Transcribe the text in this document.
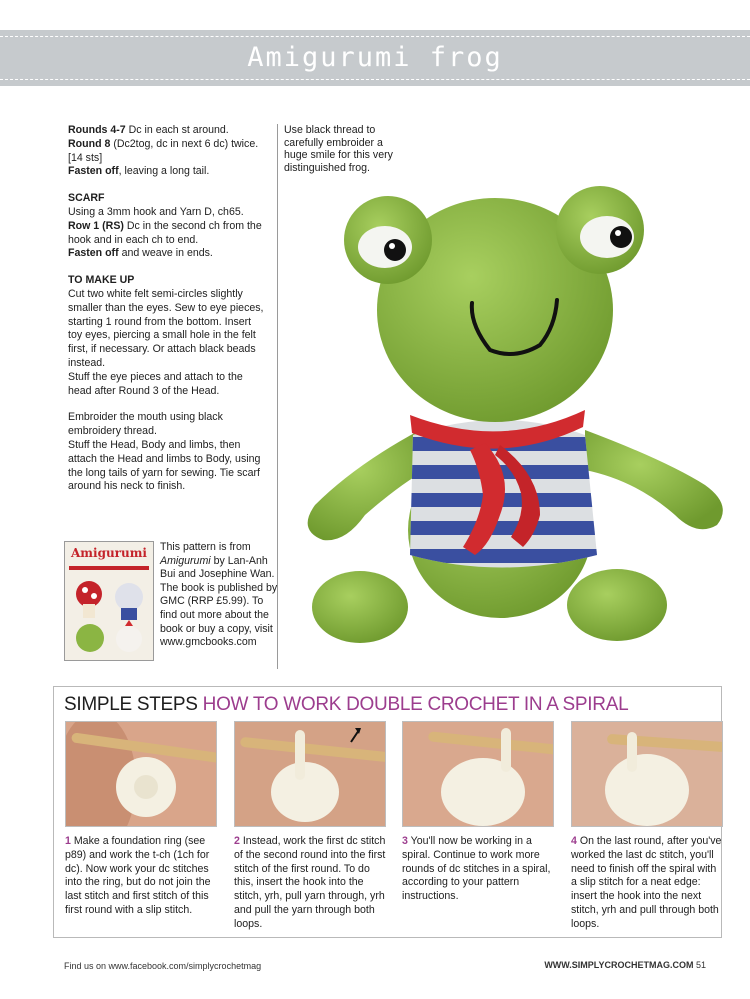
Amigurumi frog

Rounds 4-7 Dc in each st around.
Round 8 (Dc2tog, dc in next 6 dc) twice. [14 sts]
Fasten off, leaving a long tail.

SCARF
Using a 3mm hook and Yarn D, ch65.
Row 1 (RS) Dc in the second ch from the hook and in each ch to end.
Fasten off and weave in ends.

TO MAKE UP
Cut two white felt semi-circles slightly smaller than the eyes. Sew to eye pieces, starting 1 round from the bottom. Insert toy eyes, piercing a small hole in the felt first, if necessary. Or attach black beads instead.
Stuff the eye pieces and attach to the head after Round 3 of the Head.

Embroider the mouth using black embroidery thread.
Stuff the Head, Body and limbs, then attach the Head and limbs to Body, using the long tails of yarn for sewing. Tie scarf around his neck to finish.

Use black thread to carefully embroider a huge smile for this very distinguished frog.
Amigurumi	This pattern is from Amigurumi by Lan-Anh Bui and Josephine Wan. The book is published by GMC (RRP £5.99). To find out more about the book or buy a copy, visit www.gmcbooks.com
SIMPLE STEPS HOW TO WORK DOUBLE CROCHET IN A SPIRAL
1 Make a foundation ring (see p89) and work the t-ch (1ch for dc). Now work your dc stitches into the ring, but do not join the last stitch and first stitch of this first round with a slip stitch.
2 Instead, work the first dc stitch of the second round into the first stitch of the first round. To do this, insert the hook into the stitch, yrh, pull yarn through, yrh and pull the yarn through both loops.
3 You'll now be working in a spiral. Continue to work more rounds of dc stitches in a spiral, according to your pattern instructions.
4 On the last round, after you've worked the last dc stitch, you'll need to finish off the spiral with a slip stitch for a neat edge: insert the hook into the next stitch, yrh and pull through both loops.
Find us on www.facebook.com/simplycrochetmag	WWW.SIMPLYCROCHETMAG.COM 51
